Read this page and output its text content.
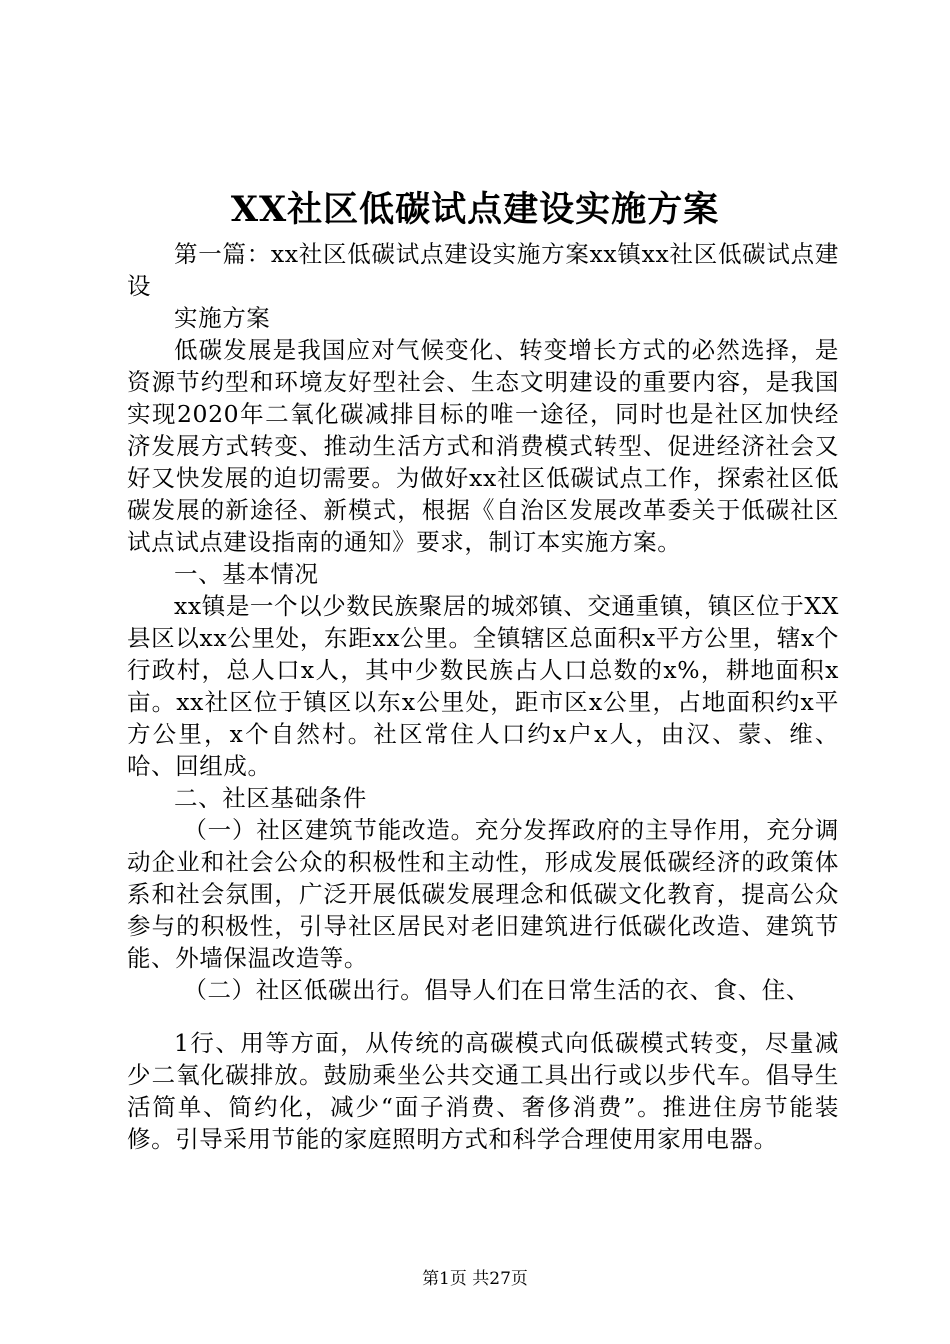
XX社区低碳试点建设实施方案

第一篇：xx社区低碳试点建设实施方案xx镇xx社区低碳试点建设

实施方案

低碳发展是我国应对气候变化、转变增长方式的必然选择，是资源节约型和环境友好型社会、生态文明建设的重要内容，是我国实现2020年二氧化碳减排目标的唯一途径，同时也是社区加快经济发展方式转变、推动生活方式和消费模式转型、促进经济社会又好又快发展的迫切需要。为做好xx社区低碳试点工作，探索社区低碳发展的新途径、新模式，根据《自治区发展改革委关于低碳社区试点试点建设指南的通知》要求，制订本实施方案。

一、基本情况

xx镇是一个以少数民族聚居的城郊镇、交通重镇，镇区位于XX县区以xx公里处，东距xx公里。全镇辖区总面积x平方公里，辖x个行政村，总人口x人，其中少数民族占人口总数的x%，耕地面积x亩。xx社区位于镇区以东x公里处，距市区x公里，占地面积约x平方公里，x个自然村。社区常住人口约x户x人，由汉、蒙、维、哈、回组成。

二、社区基础条件

（一）社区建筑节能改造。充分发挥政府的主导作用，充分调动企业和社会公众的积极性和主动性，形成发展低碳经济的政策体系和社会氛围，广泛开展低碳发展理念和低碳文化教育，提高公众参与的积极性，引导社区居民对老旧建筑进行低碳化改造、建筑节能、外墙保温改造等。

（二）社区低碳出行。倡导人们在日常生活的衣、食、住、

1行、用等方面，从传统的高碳模式向低碳模式转变，尽量减少二氧化碳排放。鼓励乘坐公共交通工具出行或以步代车。倡导生活简单、简约化，减少“面子消费、奢侈消费”。推进住房节能装修。引导采用节能的家庭照明方式和科学合理使用家用电器。

第1页 共27页
